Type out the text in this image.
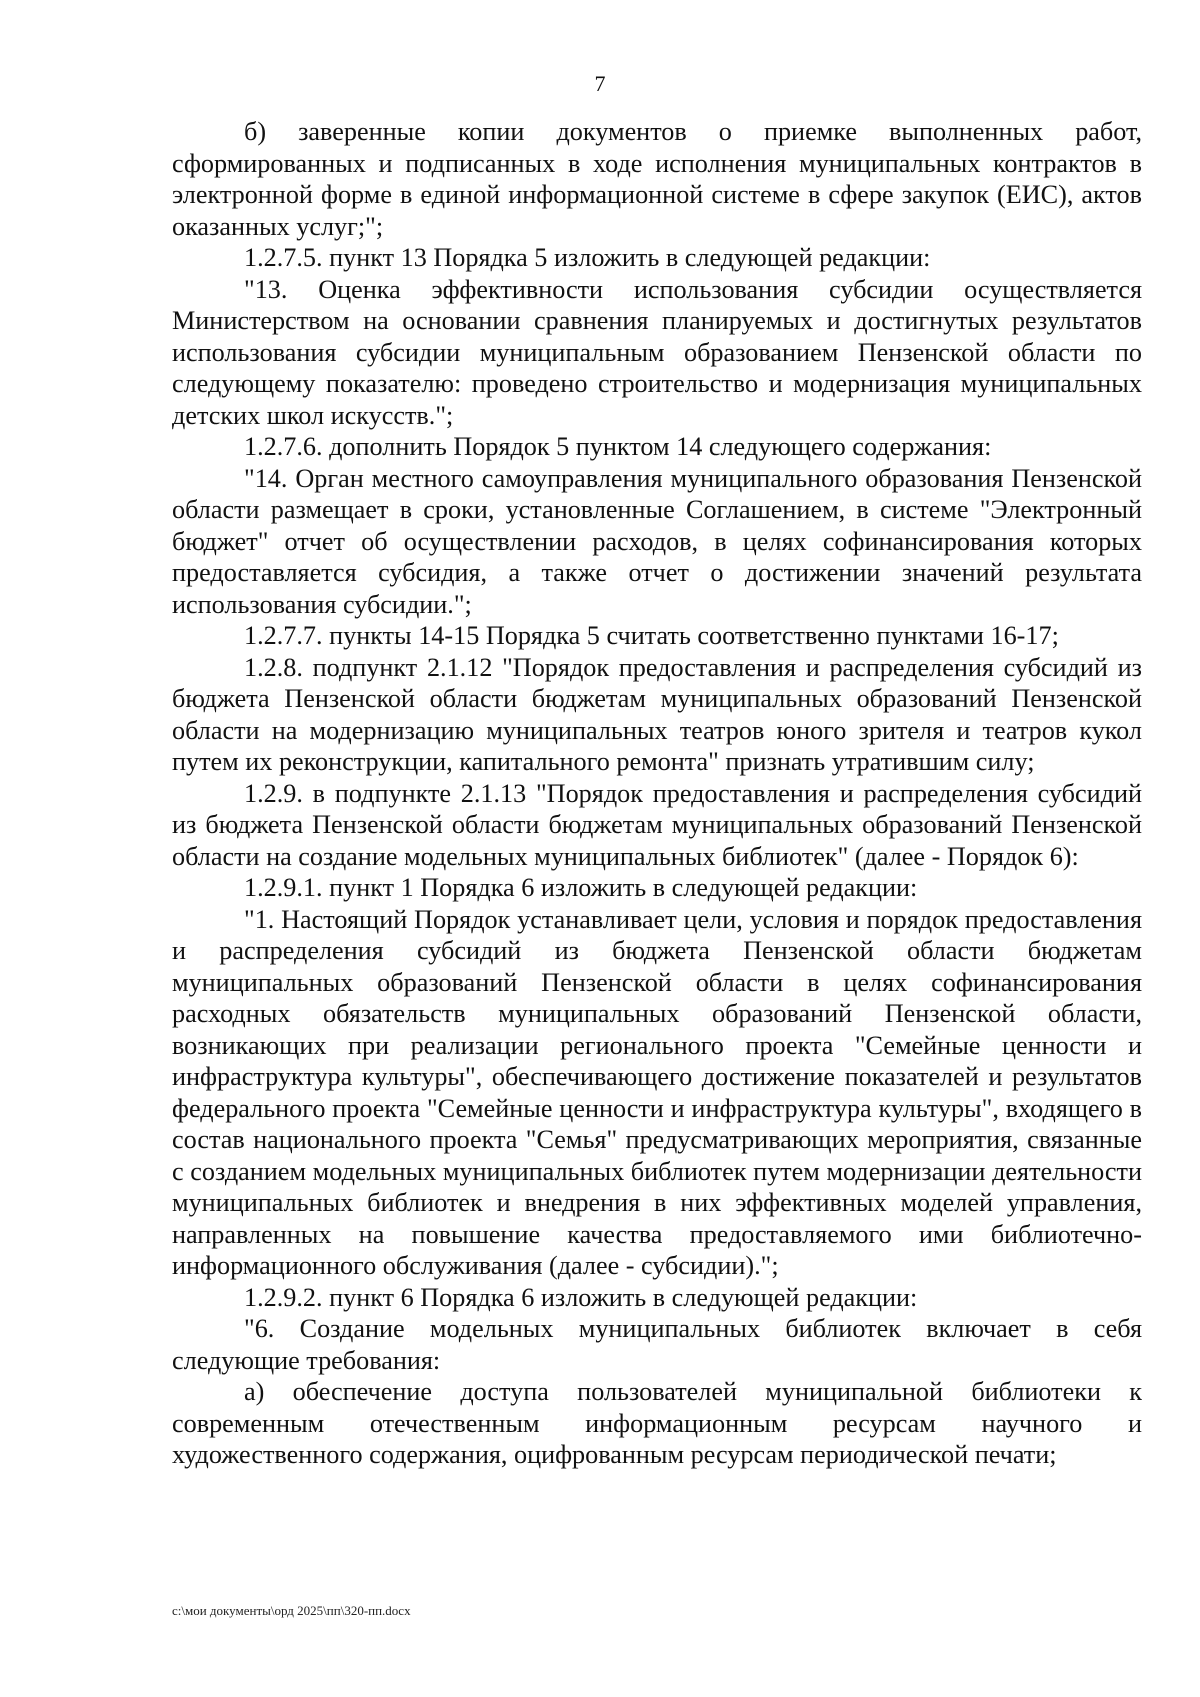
7

б) заверенные копии документов о приемке выполненных работ, сформированных и подписанных в ходе исполнения муниципальных контрактов в электронной форме в единой информационной системе в сфере закупок (ЕИС), актов оказанных услуг;";

1.2.7.5. пункт 13 Порядка 5 изложить в следующей редакции:

"13. Оценка эффективности использования субсидии осуществляется Министерством на основании сравнения планируемых и достигнутых результатов использования субсидии муниципальным образованием Пензенской области по следующему показателю: проведено строительство и модернизация муниципальных детских школ искусств.";

1.2.7.6. дополнить Порядок 5 пунктом 14 следующего содержания:

"14. Орган местного самоуправления муниципального образования Пензенской области размещает в сроки, установленные Соглашением, в системе "Электронный бюджет" отчет об осуществлении расходов, в целях софинансирования которых предоставляется субсидия, а также отчет о достижении значений результата использования субсидии.";

1.2.7.7. пункты 14-15 Порядка 5 считать соответственно пунктами 16-17;

1.2.8. подпункт 2.1.12 "Порядок предоставления и распределения субсидий из бюджета Пензенской области бюджетам муниципальных образований Пензенской области на модернизацию муниципальных театров юного зрителя и театров кукол путем их реконструкции, капитального ремонта" признать утратившим силу;

1.2.9. в подпункте 2.1.13 "Порядок предоставления и распределения субсидий из бюджета Пензенской области бюджетам муниципальных образований Пензенской области на создание модельных муниципальных библиотек" (далее - Порядок 6):

1.2.9.1. пункт 1 Порядка 6 изложить в следующей редакции:

"1. Настоящий Порядок устанавливает цели, условия и порядок предоставления и распределения субсидий из бюджета Пензенской области бюджетам муниципальных образований Пензенской области в целях софинансирования расходных обязательств муниципальных образований Пензенской области, возникающих при реализации регионального проекта "Семейные ценности и инфраструктура культуры", обеспечивающего достижение показателей и результатов федерального проекта "Семейные ценности и инфраструктура культуры", входящего в состав национального проекта "Семья" предусматривающих мероприятия, связанные с созданием модельных муниципальных библиотек путем модернизации деятельности муниципальных библиотек и внедрения в них эффективных моделей управления, направленных на повышение качества предоставляемого ими библиотечно-информационного обслуживания (далее - субсидии).";

1.2.9.2. пункт 6 Порядка 6 изложить в следующей редакции:

"6. Создание модельных муниципальных библиотек включает в себя следующие требования:

а) обеспечение доступа пользователей муниципальной библиотеки к современным отечественным информационным ресурсам научного и художественного содержания, оцифрованным ресурсам периодической печати;

c:\мои документы\орд 2025\пп\320-пп.docx
